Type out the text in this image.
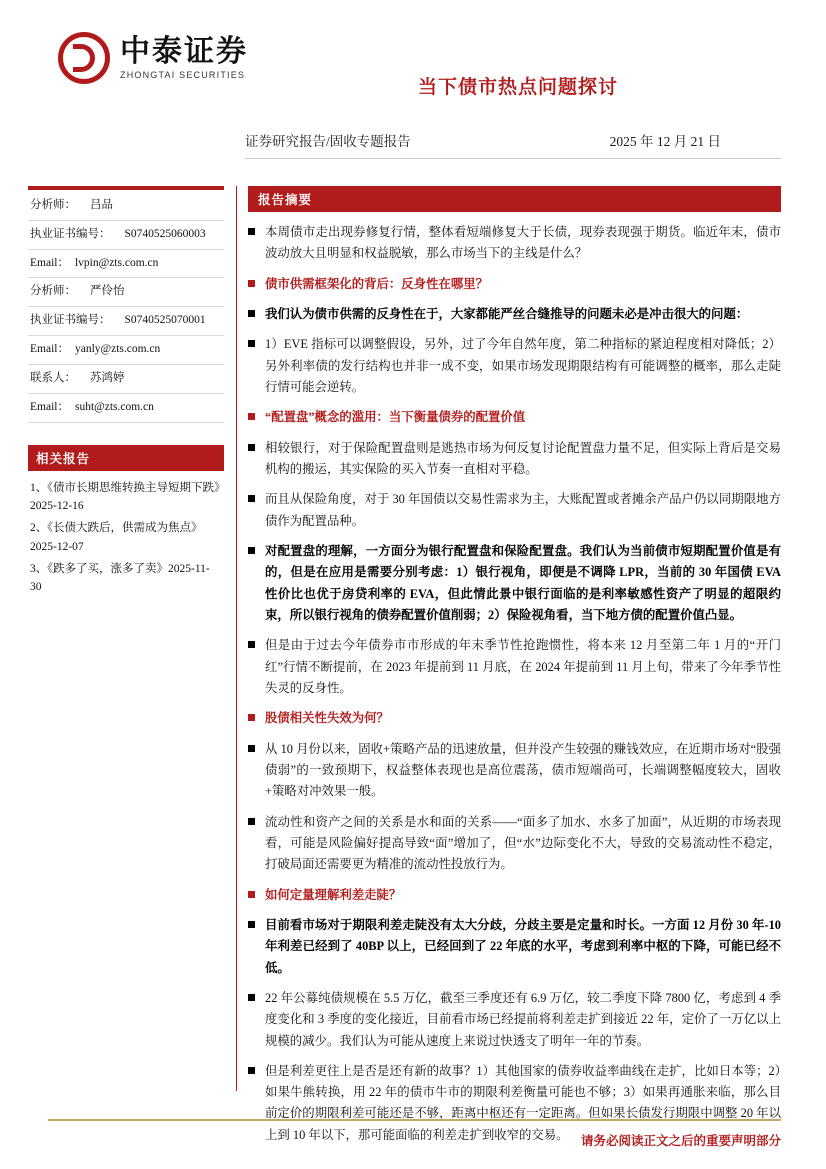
中泰证券
ZHONGTAI SECURITIES
当下债市热点问题探讨
证券研究报告/固收专题报告	2025 年 12 月 21 日
分析师： 吕品
执业证书编号： S0740525060003
Email： lvpin@zts.com.cn
分析师： 严伶怡
执业证书编号： S0740525070001
Email： yanly@zts.com.cn
联系人： 苏鸿婷
Email： suht@zts.com.cn
相关报告
1、《债市长期思维转换主导短期下跌》2025-12-16
2、《长债大跌后，供需成为焦点》2025-12-07
3、《跌多了买，涨多了卖》2025-11-30
报告摘要
本周债市走出现券修复行情，整体看短端修复大于长债，现券表现强于期货。临近年末，债市波动放大且明显和权益脱敏，那么市场当下的主线是什么？
债市供需框架化的背后：反身性在哪里？
我们认为债市供需的反身性在于，大家都能严丝合缝推导的问题未必是冲击很大的问题：
1）EVE 指标可以调整假设，另外，过了今年自然年度，第二种指标的紧迫程度相对降低；2）另外利率债的发行结构也并非一成不变，如果市场发现期限结构有可能调整的概率，那么走陡行情可能会逆转。
“配置盘”概念的滥用：当下衡量债券的配置价值
相较银行，对于保险配置盘则是逃热市场为何反复讨论配置盘力量不足，但实际上背后是交易机构的搬运，其实保险的买入节奏一直相对平稳。
而且从保险角度，对于 30 年国债以交易性需求为主，大账配置或者摊余产品户仍以同期限地方债作为配置品种。
对配置盘的理解，一方面分为银行配置盘和保险配置盘。我们认为当前债市短期配置价值是有的，但是在应用是需要分别考虑：1）银行视角，即便是不调降 LPR，当前的 30 年国债 EVA 性价比也优于房贷利率的 EVA，但此情此景中银行面临的是利率敏感性资产了明显的超限约束，所以银行视角的债券配置价值削弱；2）保险视角看，当下地方债的配置价值凸显。
但是由于过去今年债券市市形成的年末季节性抢跑惯性，将本来 12 月至第二年 1 月的“开门红”行情不断提前，在 2023 年提前到 11 月底，在 2024 年提前到 11 月上旬，带来了今年季节性失灵的反身性。
股债相关性失效为何？
从 10 月份以来，固收+策略产品的迅速放量，但并没产生较强的赚钱效应，在近期市场对“股强债弱”的一致预期下，权益整体表现也是高位震荡，债市短端尚可，长端调整幅度较大，固收+策略对冲效果一般。
流动性和资产之间的关系是水和面的关系——“面多了加水、水多了加面”，从近期的市场表现看，可能是风险偏好提高导致“面”增加了，但“水”边际变化不大，导致的交易流动性不稳定，打破局面还需要更为精准的流动性投放行为。
如何定量理解利差走陡？
目前看市场对于期限利差走陡没有太大分歧，分歧主要是定量和时长。一方面 12 月份 30 年-10 年利差已经到了 40BP 以上，已经回到了 22 年底的水平，考虑到利率中枢的下降，可能已经不低。
22 年公募纯债规模在 5.5 万亿，截至三季度还有 6.9 万亿，较二季度下降 7800 亿，考虑到 4 季度变化和 3 季度的变化接近，目前看市场已经提前将利差走扩到接近 22 年，定价了一万亿以上规模的减少。我们认为可能从速度上来说过快透支了明年一年的节奏。
但是利差更往上是否是还有新的故事？1）其他国家的债券收益率曲线在走扩，比如日本等；2）如果牛熊转换，用 22 年的债市牛市的期限利差衡量可能也不够；3）如果再通胀来临，那么目前定价的期限利差可能还是不够，距离中枢还有一定距离。但如果长债发行期限中调整 20 年以上到 10 年以下，那可能面临的利差走扩到收窄的交易。 请务必阅读正文之后的重要声明部分
